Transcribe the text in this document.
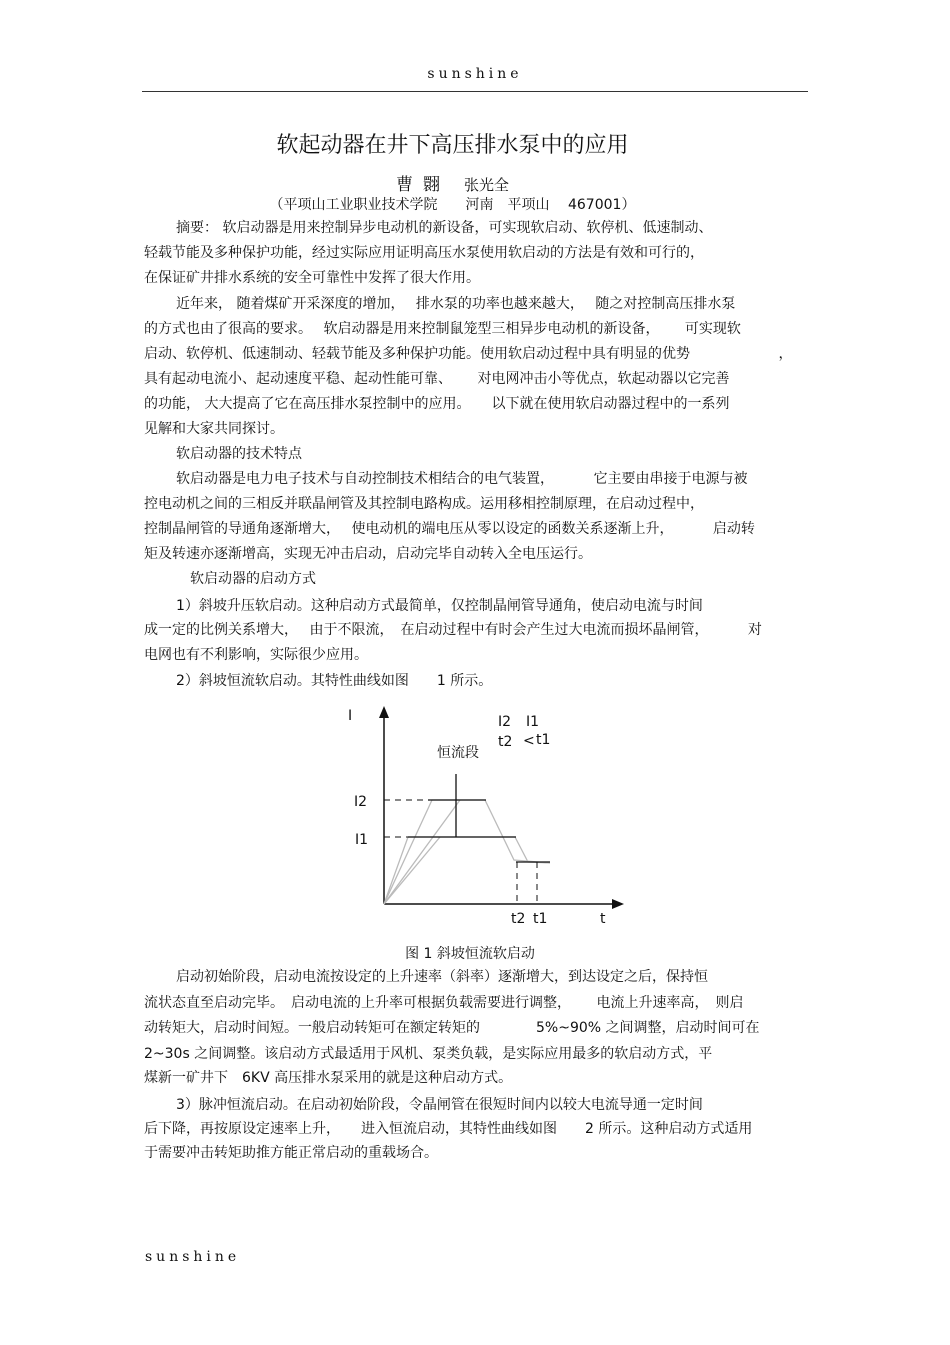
sunshine
软起动器在井下高压排水泵中的应用
曹翾 张光全
（平项山工业职业技术学院　　河南　平项山　 467001）
摘要： 软启动器是用来控制异步电动机的新设备，可实现软启动、软停机、低速制动、
轻载节能及多种保护功能，经过实际应用证明高压水泵使用软启动的方法是有效和可行的，
在保证矿井排水系统的安全可靠性中发挥了很大作用。
近年来， 随着煤矿开采深度的增加，　 排水泵的功率也越来越大，　 随之对控制高压排水泵
的方式也由了很高的要求。　 软启动器是用来控制鼠笼型三相异步电动机的新设备，　　 可实现软
启动、软停机、低速制动、轻载节能及多种保护功能。使用软启动过程中具有明显的优势　　　　　　 ，
具有起动电流小、起动速度平稳、起动性能可靠、　　 对电网冲击小等优点，软起动器以它完善
的功能， 大大提高了它在高压排水泵控制中的应用。　　以下就在使用软启动器过程中的一系列
见解和大家共同探讨。
软启动器的技术特点
软启动器是电力电子技术与自动控制技术相结合的电气装置，　　　 它主要由串接于电源与被
控电动机之间的三相反并联晶闸管及其控制电路构成。运用移相控制原理，在启动过程中，
控制晶闸管的导通角逐渐增大，　 使电动机的端电压从零以设定的函数关系逐渐上升，　　　 启动转
矩及转速亦逐渐增高，实现无冲击启动，启动完毕自动转入全电压运行。
　软启动器的启动方式
1）斜坡升压软启动。这种启动方式最简单，仅控制晶闸管导通角，使启动电流与时间
成一定的比例关系增大，　 由于不限流，　在启动过程中有时会产生过大电流而损坏晶闸管，　　　 对
电网也有不利影响，实际很少应用。
2）斜坡恒流软启动。其特性曲线如图　　1 所示。
I
I2
I1
t2 t1	t
恒流段
I2 I1
t2 < t1
图 1 斜坡恒流软启动
启动初始阶段，启动电流按设定的上升速率（斜率）逐渐增大，到达设定之后，保持恒
流状态直至启动完毕。　启动电流的上升率可根据负载需要进行调整，　　 电流上升速率高，　则启
动转矩大，启动时间短。一般启动转矩可在额定转矩的　　　　5%~90% 之间调整，启动时间可在
2~30s 之间调整。该启动方式最适用于风机、泵类负载，是实际应用最多的软启动方式，平
煤新一矿井下　6KV 高压排水泵采用的就是这种启动方式。
3）脉冲恒流启动。在启动初始阶段，令晶闸管在很短时间内以较大电流导通一定时间
后下降，再按原设定速率上升，　　进入恒流启动，其特性曲线如图　　2 所示。这种启动方式适用
于需要冲击转矩助推方能正常启动的重载场合。
sunshine
